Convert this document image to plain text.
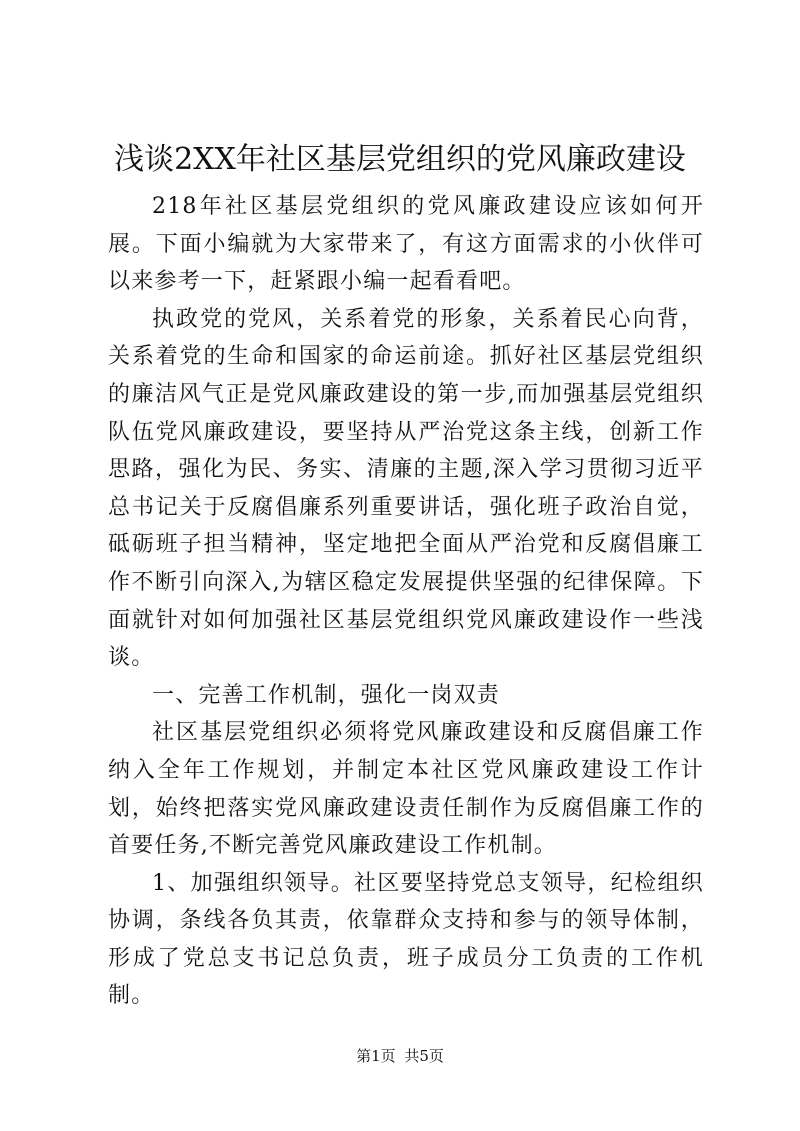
浅谈2XX年社区基层党组织的党风廉政建设

218年社区基层党组织的党风廉政建设应该如何开展。下面小编就为大家带来了，有这方面需求的小伙伴可以来参考一下，赶紧跟小编一起看看吧。

执政党的党风，关系着党的形象，关系着民心向背，关系着党的生命和国家的命运前途。抓好社区基层党组织的廉洁风气正是党风廉政建设的第一步,而加强基层党组织队伍党风廉政建设，要坚持从严治党这条主线，创新工作思路，强化为民、务实、清廉的主题,深入学习贯彻习近平总书记关于反腐倡廉系列重要讲话，强化班子政治自觉，砥砺班子担当精神，坚定地把全面从严治党和反腐倡廉工作不断引向深入,为辖区稳定发展提供坚强的纪律保障。下面就针对如何加强社区基层党组织党风廉政建设作一些浅谈。

一、完善工作机制，强化一岗双责

社区基层党组织必须将党风廉政建设和反腐倡廉工作纳入全年工作规划，并制定本社区党风廉政建设工作计划，始终把落实党风廉政建设责任制作为反腐倡廉工作的首要任务,不断完善党风廉政建设工作机制。

1、加强组织领导。社区要坚持党总支领导，纪检组织协调，条线各负其责，依靠群众支持和参与的领导体制，形成了党总支书记总负责，班子成员分工负责的工作机制。

第1页 共5页
